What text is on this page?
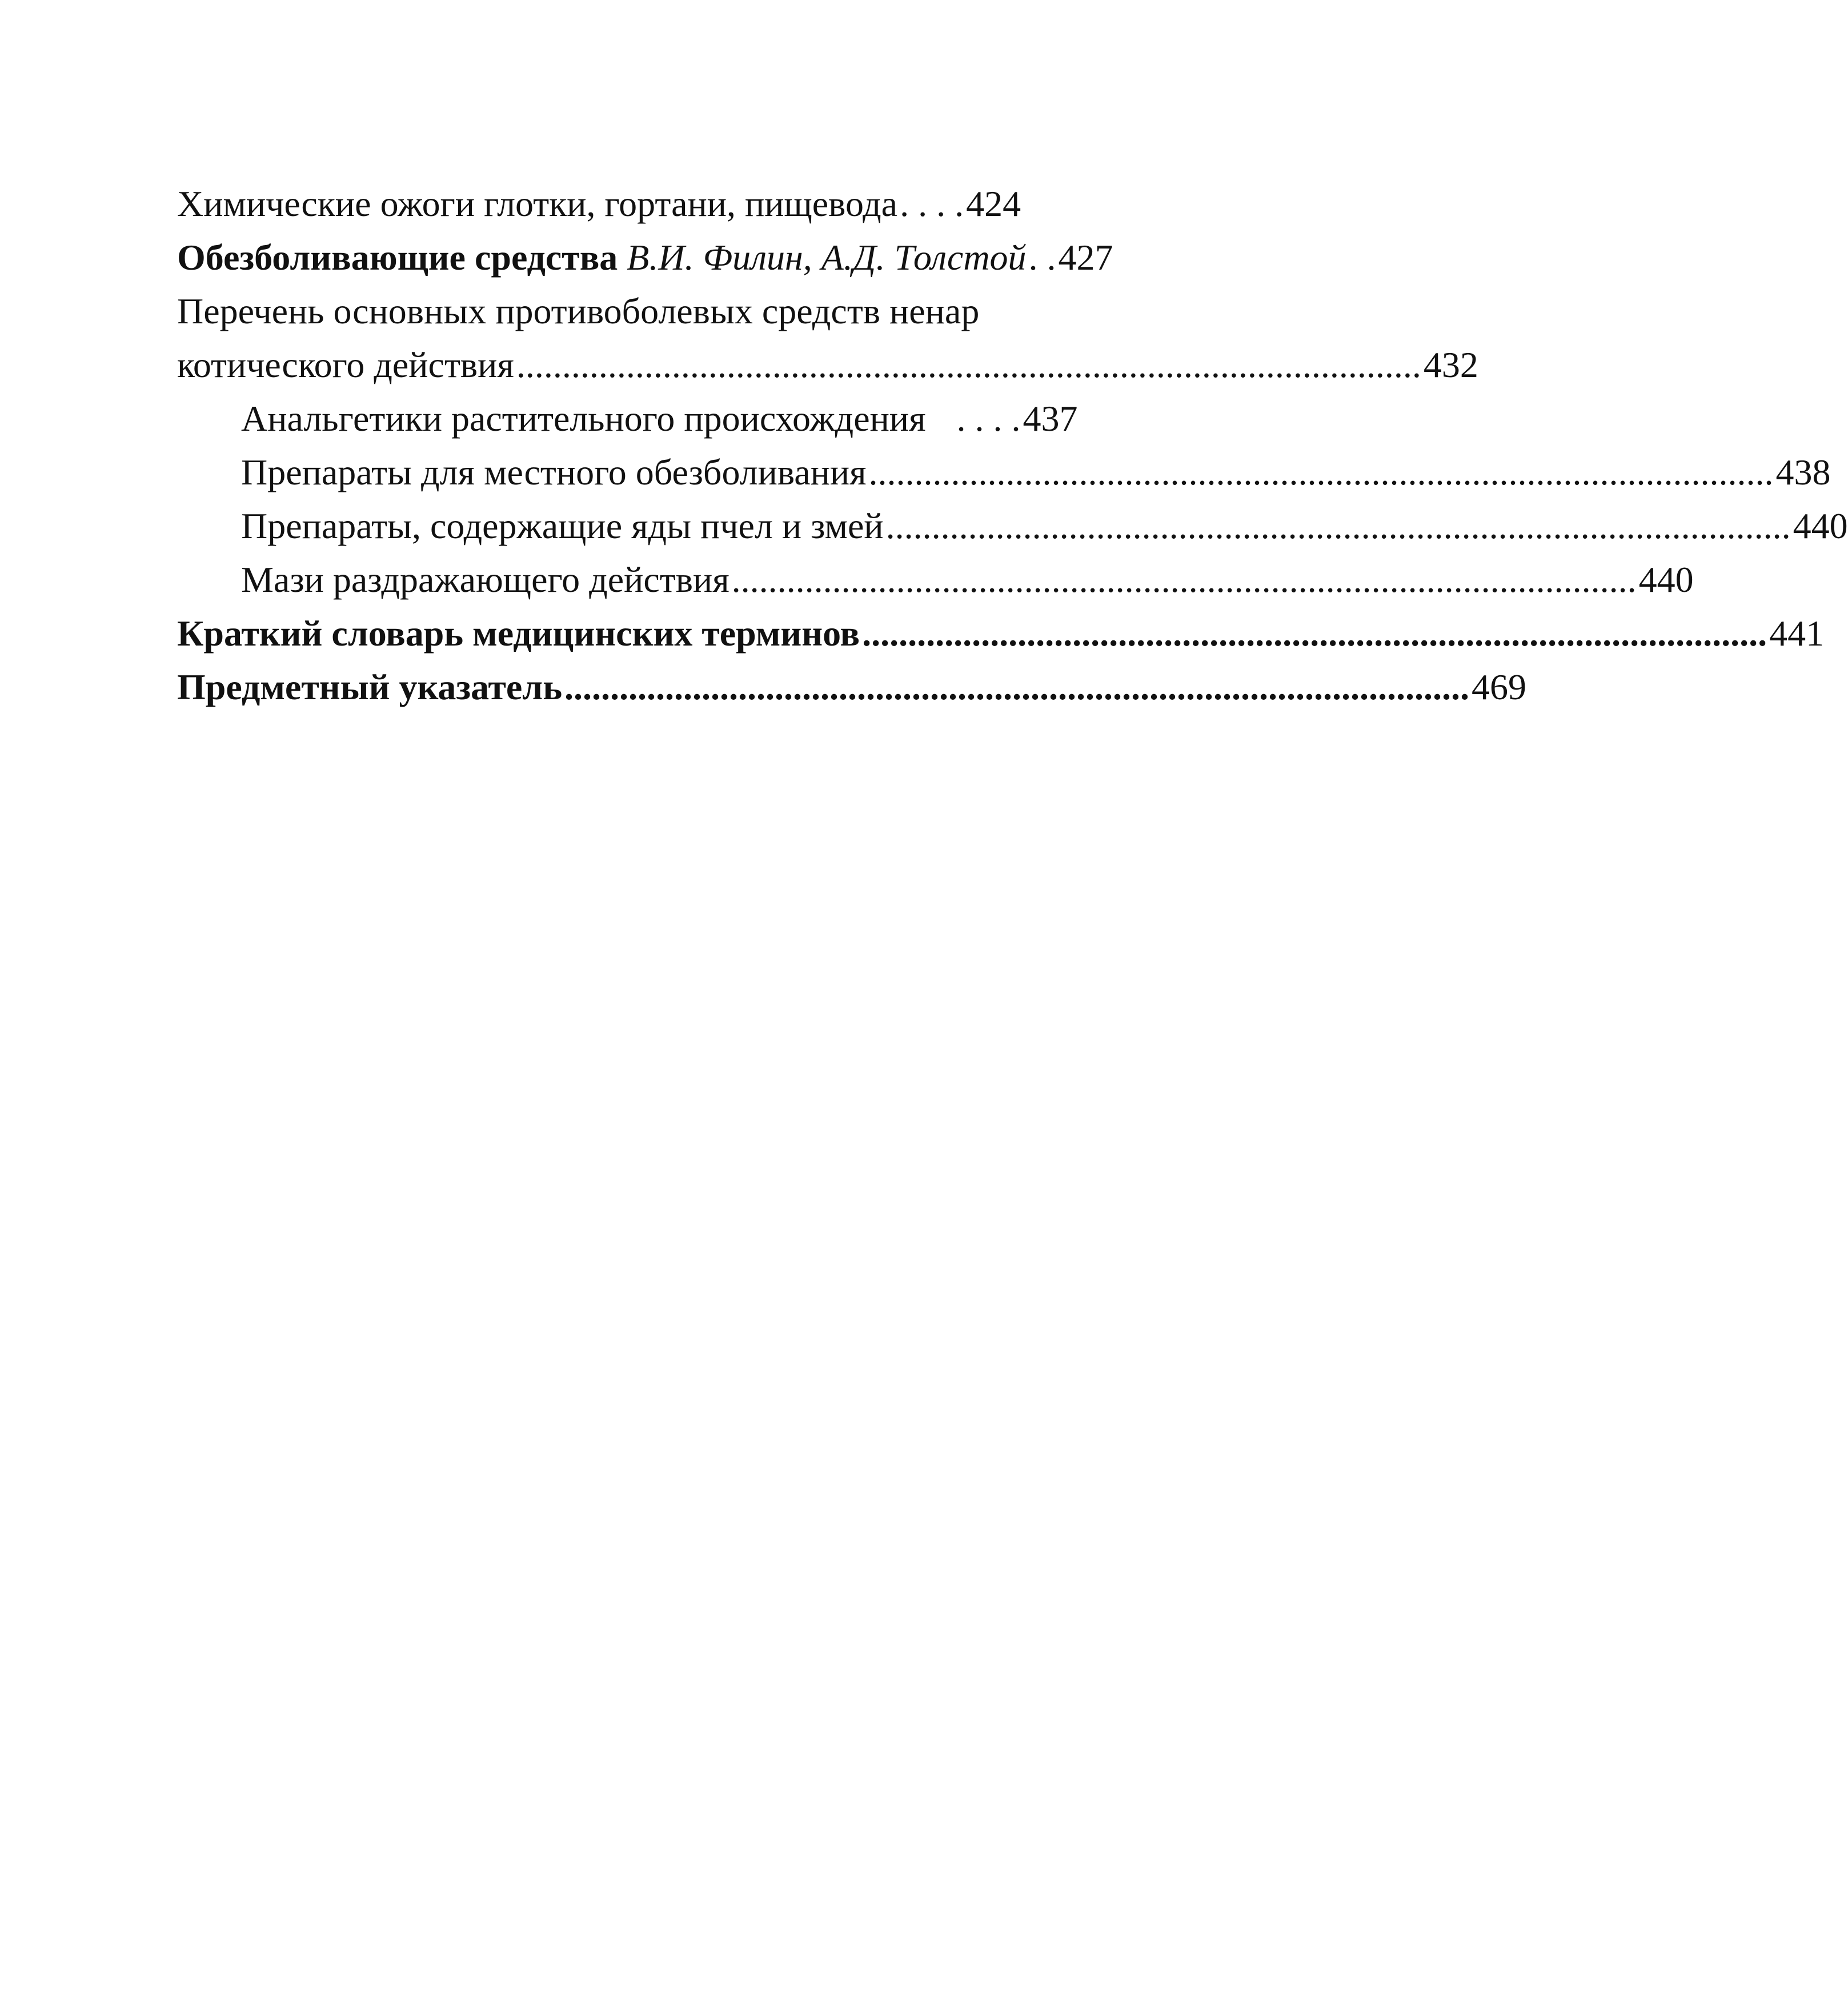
Химические ожоги глотки, гортани, пищевода . . . . 424
Обезболивающие средства В.И. Филин, А.Д. Толстой . . 427
Перечень основных противоболевых средств ненар
котического действия ................................................................................................... 432
Анальгетики растительного происхождения . . . . 437
Препараты для местного обезболивания ................................................................................................... 438
Препараты, содержащие яды пчел и змей ................................................................................................... 440
Мази раздражающего действия ................................................................................................... 440
Краткий словарь медицинских терминов ................................................................................................... 441
Предметный указатель ................................................................................................... 469
